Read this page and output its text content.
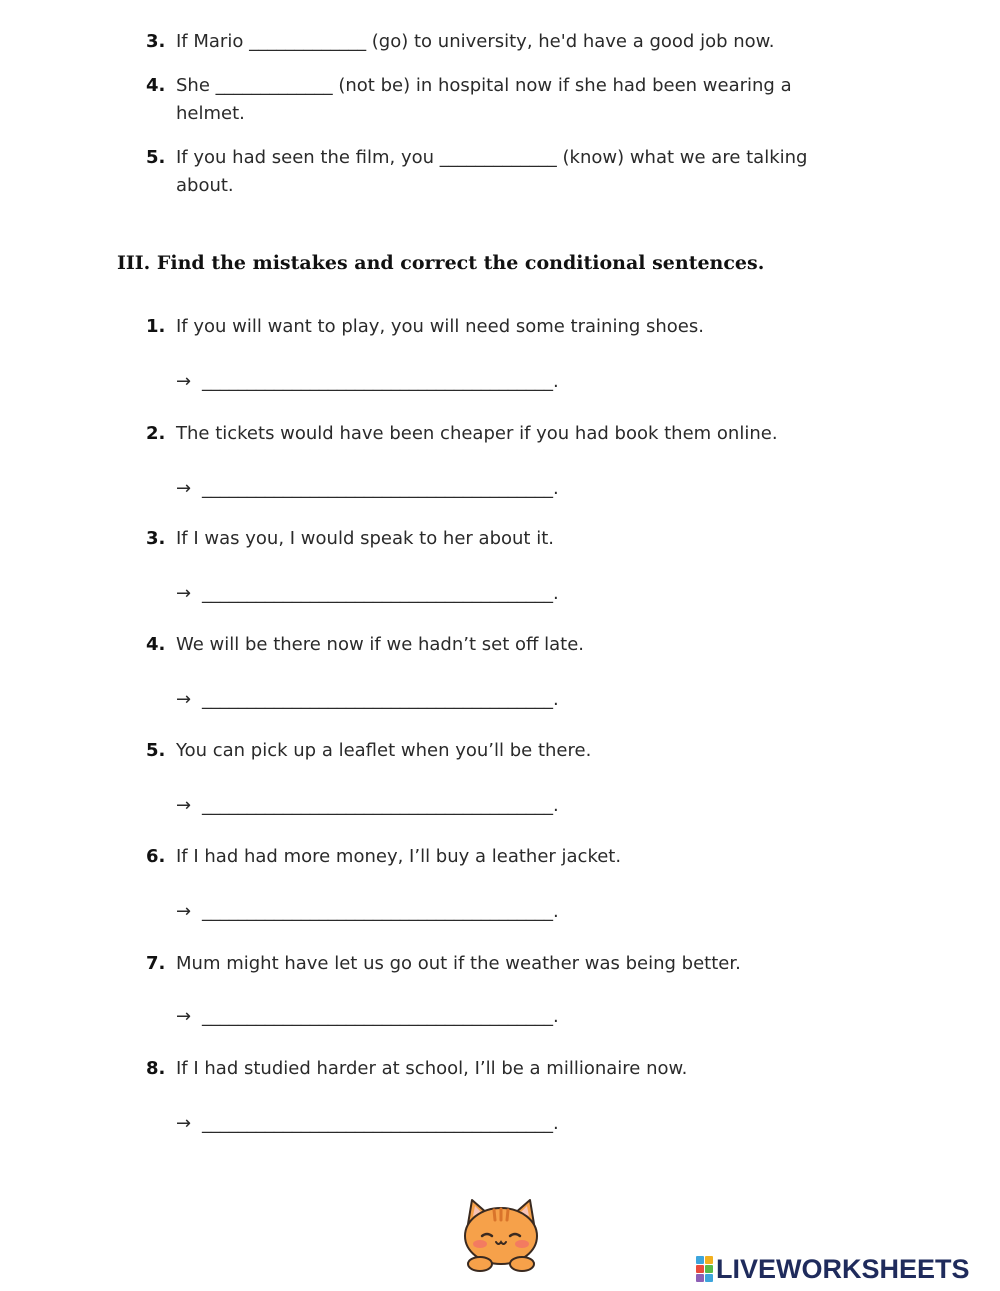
3. If Mario _____________ (go) to university, he'd have a good job now.
4. She _____________ (not be) in hospital now if she had been wearing a helmet.
5. If you had seen the film, you _____________ (know) what we are talking about.
III. Find the mistakes and correct the conditional sentences.
1. If you will want to play, you will need some training shoes.
→ _______________________________________.
2. The tickets would have been cheaper if you had book them online.
→ _______________________________________.
3. If I was you, I would speak to her about it.
→ _______________________________________.
4. We will be there now if we hadn’t set off late.
→ _______________________________________.
5. You can pick up a leaflet when you’ll be there.
→ _______________________________________.
6. If I had had more money, I’ll buy a leather jacket.
→ _______________________________________.
7. Mum might have let us go out if the weather was being better.
→ _______________________________________.
8. If I had studied harder at school, I’ll be a millionaire now.
→ _______________________________________.
LIVEWORKSHEETS
